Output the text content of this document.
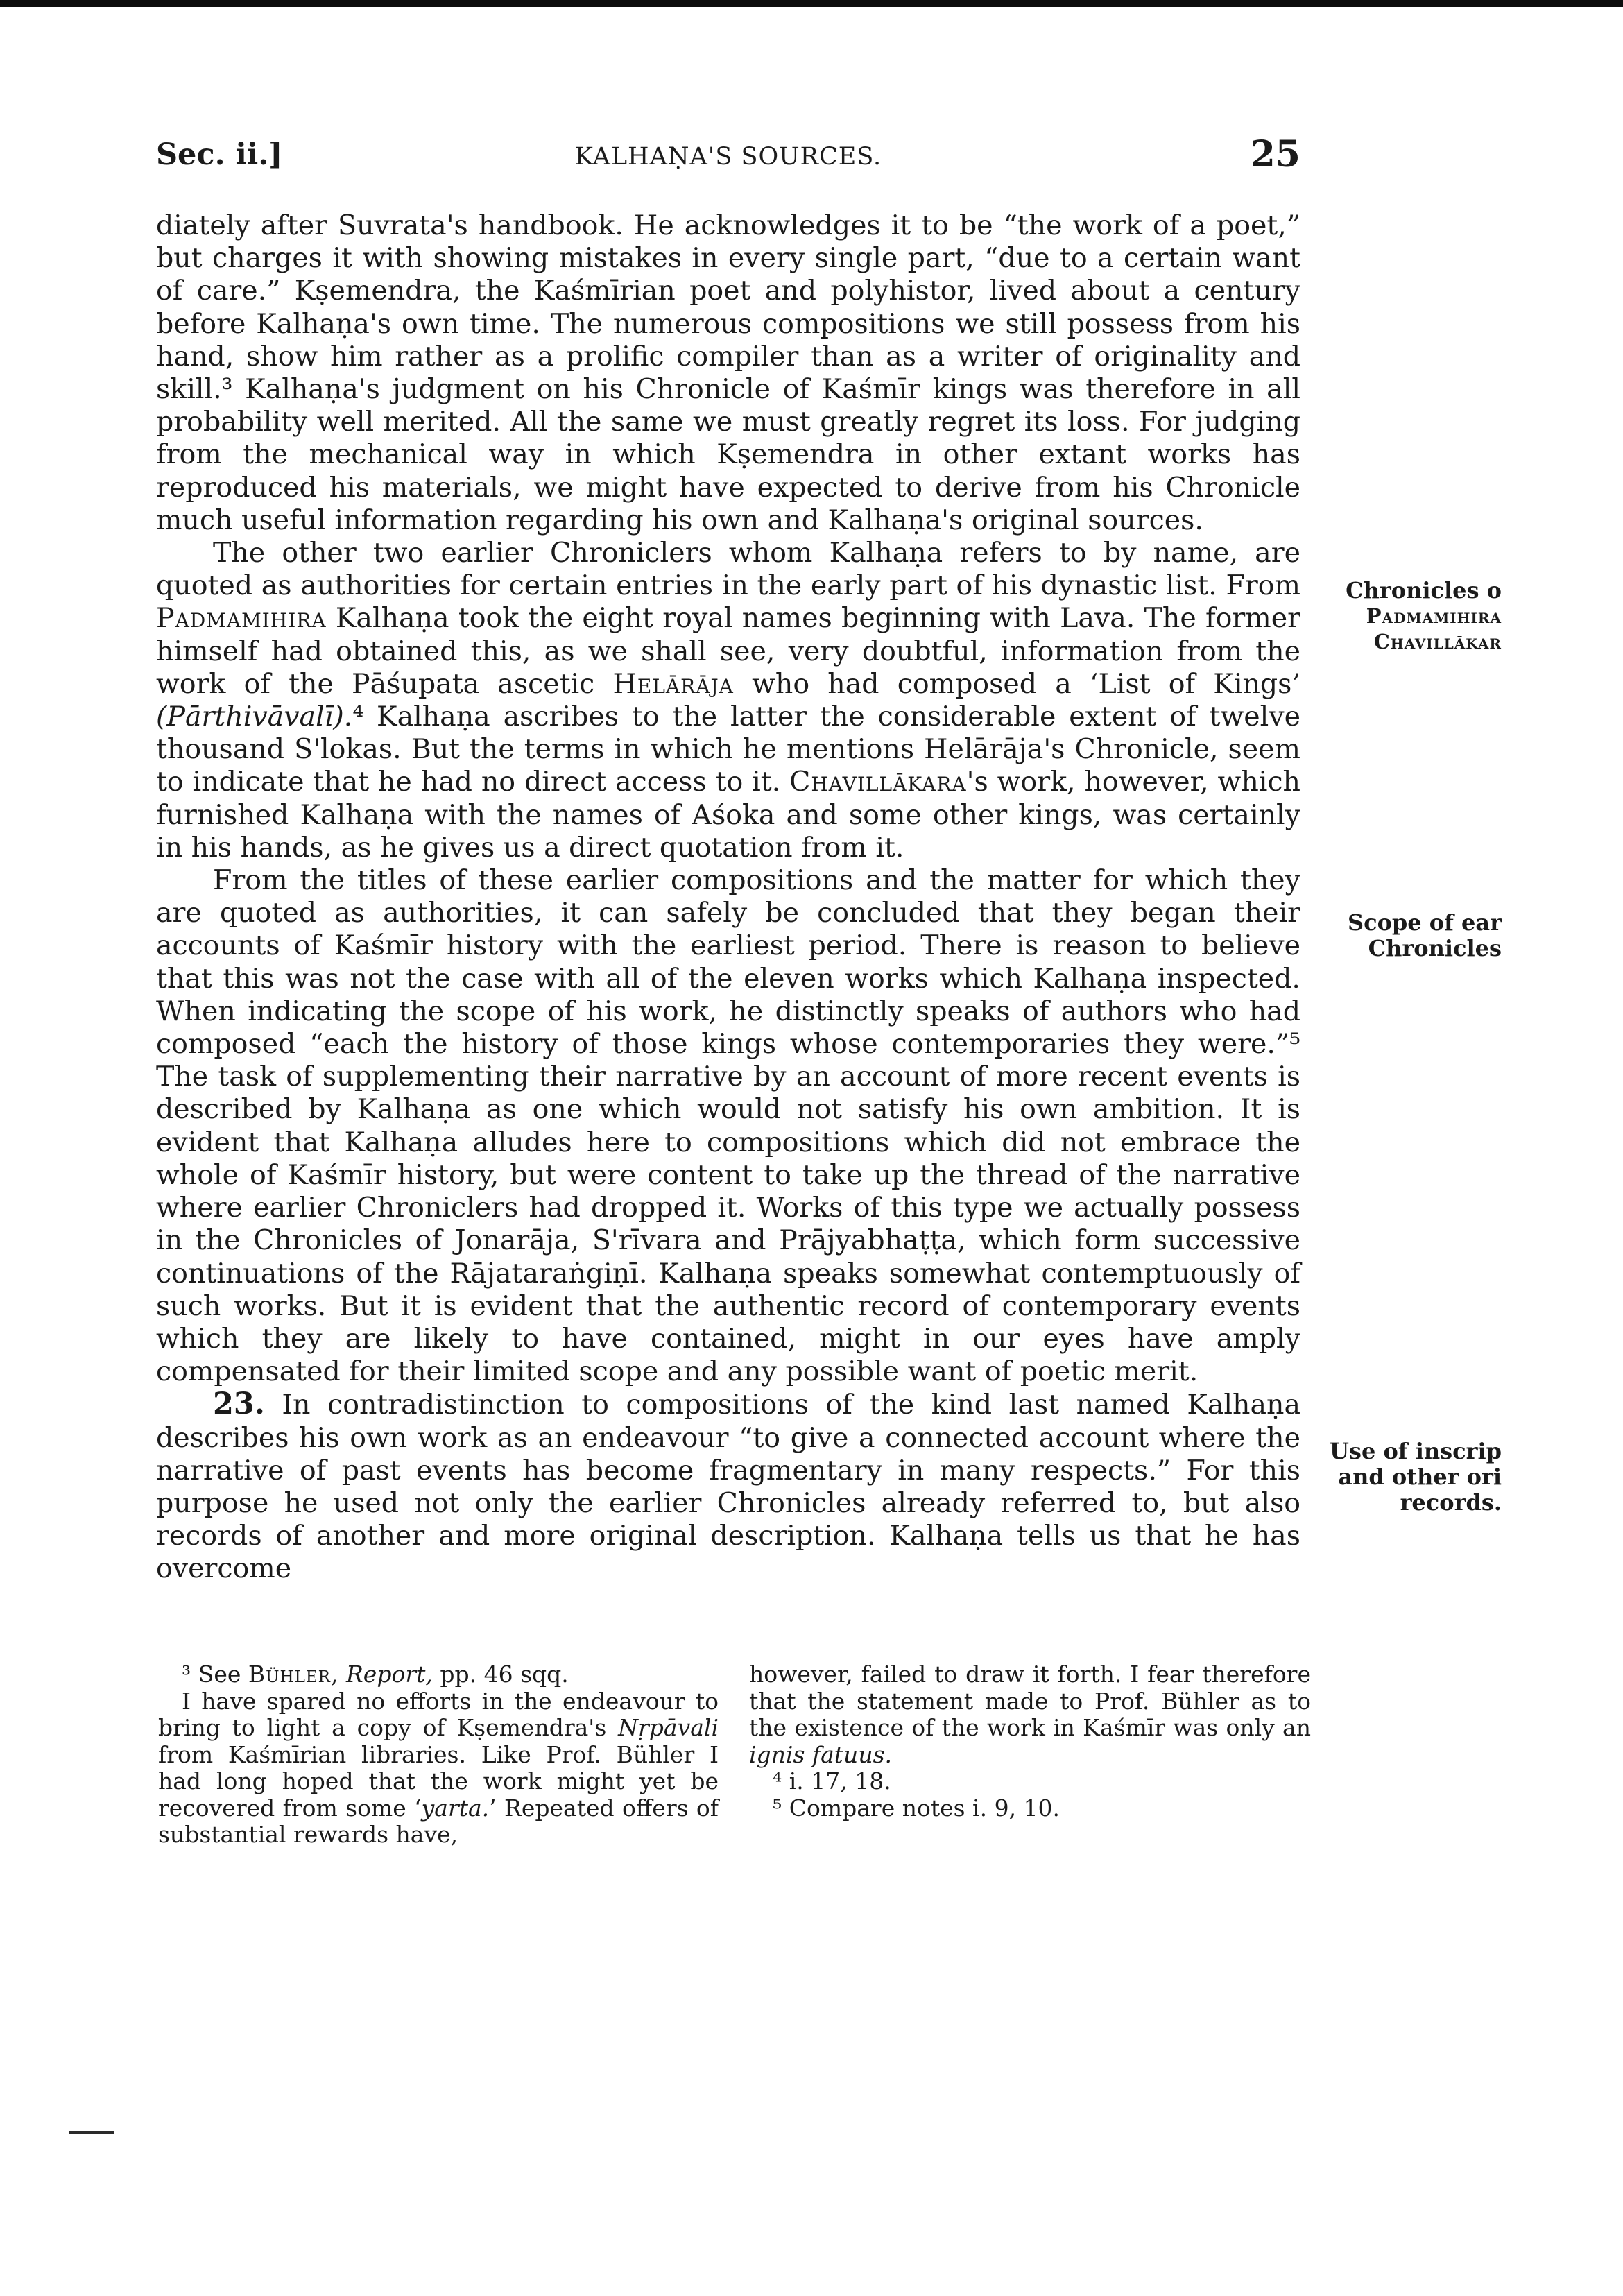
Sec. ii.]	KALHAṆA'S SOURCES.	25

diately after Suvrata's handbook. He acknowledges it to be “the work of a poet,” but charges it with showing mistakes in every single part, “due to a certain want of care.” Kṣemendra, the Kaśmīrian poet and polyhistor, lived about a century before Kalhaṇa's own time. The numerous compositions we still possess from his hand, show him rather as a prolific compiler than as a writer of originality and skill.³ Kalhaṇa's judgment on his Chronicle of Kaśmīr kings was therefore in all probability well merited. All the same we must greatly regret its loss. For judging from the mechanical way in which Kṣemendra in other extant works has reproduced his materials, we might have expected to derive from his Chronicle much useful information regarding his own and Kalhaṇa's original sources.

The other two earlier Chroniclers whom Kalhaṇa refers to by name, are quoted as authorities for certain entries in the early part of his dynastic list. From Padmamihira Kalhaṇa took the eight royal names beginning with Lava. The former himself had obtained this, as we shall see, very doubtful, information from the work of the Pāśupata ascetic Helārāja who had composed a ‘List of Kings’ (Pārthivāvalī).⁴ Kalhaṇa ascribes to the latter the considerable extent of twelve thousand S'lokas. But the terms in which he mentions Helārāja's Chronicle, seem to indicate that he had no direct access to it. Chavillākara's work, however, which furnished Kalhaṇa with the names of Aśoka and some other kings, was certainly in his hands, as he gives us a direct quotation from it.

From the titles of these earlier compositions and the matter for which they are quoted as authorities, it can safely be concluded that they began their accounts of Kaśmīr history with the earliest period. There is reason to believe that this was not the case with all of the eleven works which Kalhaṇa inspected. When indicating the scope of his work, he distinctly speaks of authors who had composed “each the history of those kings whose contemporaries they were.”⁵ The task of supplementing their narrative by an account of more recent events is described by Kalhaṇa as one which would not satisfy his own ambition. It is evident that Kalhaṇa alludes here to compositions which did not embrace the whole of Kaśmīr history, but were content to take up the thread of the narrative where earlier Chroniclers had dropped it. Works of this type we actually possess in the Chronicles of Jonarāja, S'rīvara and Prājyabhaṭṭa, which form successive continuations of the Rājataraṅgiṇī. Kalhaṇa speaks somewhat contemptuously of such works. But it is evident that the authentic record of contemporary events which they are likely to have contained, might in our eyes have amply compensated for their limited scope and any possible want of poetic merit.

23. In contradistinction to compositions of the kind last named Kalhaṇa describes his own work as an endeavour “to give a connected account where the narrative of past events has become fragmentary in many respects.” For this purpose he used not only the earlier Chronicles already referred to, but also records of another and more original description. Kalhaṇa tells us that he has overcome

Chronicles o
Padmamihira
Chavillākar
Scope of ear
Chronicles
Use of inscrip
and other ori
records.

³ See Bühler, Report, pp. 46 sqq.

I have spared no efforts in the endeavour to bring to light a copy of Kṣemendra's Nṛpāvali from Kaśmīrian libraries. Like Prof. Bühler I had long hoped that the work might yet be recovered from some ‘yarta.’ Repeated offers of substantial rewards have,

however, failed to draw it forth. I fear therefore that the statement made to Prof. Bühler as to the existence of the work in Kaśmīr was only an ignis fatuus.

⁴ i. 17, 18.

⁵ Compare notes i. 9, 10.
